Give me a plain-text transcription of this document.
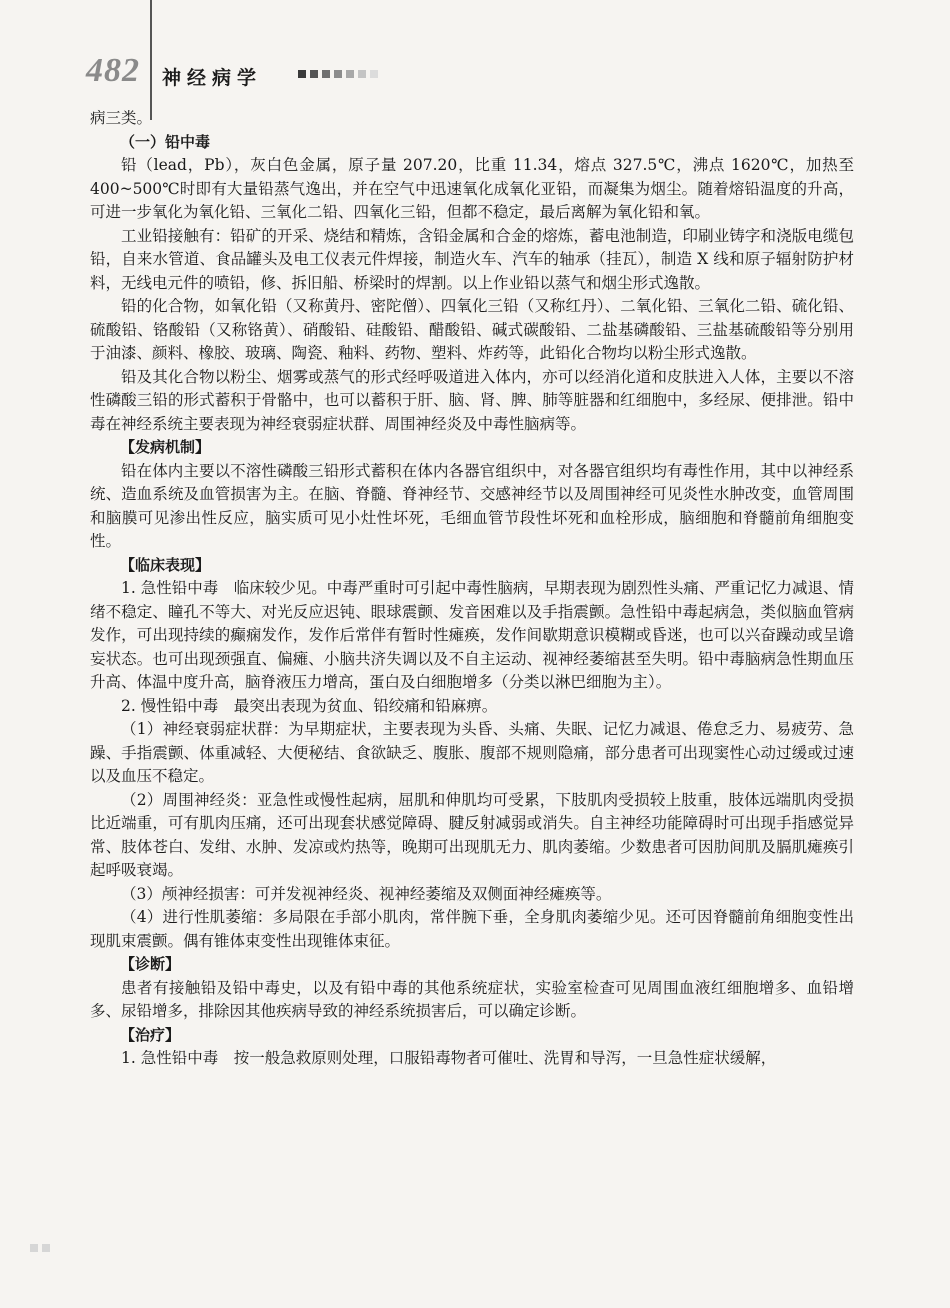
482 神经病学

病三类。

（一）铅中毒

铅（lead，Pb），灰白色金属，原子量 207.20，比重 11.34，熔点 327.5℃，沸点 1620℃，加热至400~500℃时即有大量铅蒸气逸出，并在空气中迅速氧化成氧化亚铅，而凝集为烟尘。随着熔铅温度的升高，可进一步氧化为氧化铅、三氧化二铅、四氧化三铅，但都不稳定，最后离解为氧化铅和氧。

工业铅接触有：铅矿的开采、烧结和精炼，含铅金属和合金的熔炼，蓄电池制造，印刷业铸字和浇版电缆包铅，自来水管道、食品罐头及电工仪表元件焊接，制造火车、汽车的轴承（挂瓦），制造 X 线和原子辐射防护材料，无线电元件的喷铅，修、拆旧船、桥梁时的焊割。以上作业铅以蒸气和烟尘形式逸散。

铅的化合物，如氧化铅（又称黄丹、密陀僧）、四氧化三铅（又称红丹）、二氧化铅、三氧化二铅、硫化铅、硫酸铅、铬酸铅（又称铬黄）、硝酸铅、硅酸铅、醋酸铅、碱式碳酸铅、二盐基磷酸铅、三盐基硫酸铅等分别用于油漆、颜料、橡胶、玻璃、陶瓷、釉料、药物、塑料、炸药等，此铅化合物均以粉尘形式逸散。

铅及其化合物以粉尘、烟雾或蒸气的形式经呼吸道进入体内，亦可以经消化道和皮肤进入人体，主要以不溶性磷酸三铅的形式蓄积于骨骼中，也可以蓄积于肝、脑、肾、脾、肺等脏器和红细胞中，多经尿、便排泄。铅中毒在神经系统主要表现为神经衰弱症状群、周围神经炎及中毒性脑病等。

【发病机制】

铅在体内主要以不溶性磷酸三铅形式蓄积在体内各器官组织中，对各器官组织均有毒性作用，其中以神经系统、造血系统及血管损害为主。在脑、脊髓、脊神经节、交感神经节以及周围神经可见炎性水肿改变，血管周围和脑膜可见渗出性反应，脑实质可见小灶性坏死，毛细血管节段性坏死和血栓形成，脑细胞和脊髓前角细胞变性。

【临床表现】

1. 急性铅中毒　临床较少见。中毒严重时可引起中毒性脑病，早期表现为剧烈性头痛、严重记忆力减退、情绪不稳定、瞳孔不等大、对光反应迟钝、眼球震颤、发音困难以及手指震颤。急性铅中毒起病急，类似脑血管病发作，可出现持续的癫痫发作，发作后常伴有暂时性瘫痪，发作间歇期意识模糊或昏迷，也可以兴奋躁动或呈谵妄状态。也可出现颈强直、偏瘫、小脑共济失调以及不自主运动、视神经萎缩甚至失明。铅中毒脑病急性期血压升高、体温中度升高，脑脊液压力增高，蛋白及白细胞增多（分类以淋巴细胞为主）。

2. 慢性铅中毒　最突出表现为贫血、铅绞痛和铅麻痹。

（1）神经衰弱症状群：为早期症状，主要表现为头昏、头痛、失眠、记忆力减退、倦怠乏力、易疲劳、急躁、手指震颤、体重减轻、大便秘结、食欲缺乏、腹胀、腹部不规则隐痛，部分患者可出现窦性心动过缓或过速以及血压不稳定。

（2）周围神经炎：亚急性或慢性起病，屈肌和伸肌均可受累，下肢肌肉受损较上肢重，肢体远端肌肉受损比近端重，可有肌肉压痛，还可出现套状感觉障碍、腱反射减弱或消失。自主神经功能障碍时可出现手指感觉异常、肢体苍白、发绀、水肿、发凉或灼热等，晚期可出现肌无力、肌肉萎缩。少数患者可因肋间肌及膈肌瘫痪引起呼吸衰竭。

（3）颅神经损害：可并发视神经炎、视神经萎缩及双侧面神经瘫痪等。

（4）进行性肌萎缩：多局限在手部小肌肉，常伴腕下垂，全身肌肉萎缩少见。还可因脊髓前角细胞变性出现肌束震颤。偶有锥体束变性出现锥体束征。

【诊断】

患者有接触铅及铅中毒史，以及有铅中毒的其他系统症状，实验室检查可见周围血液红细胞增多、血铅增多、尿铅增多，排除因其他疾病导致的神经系统损害后，可以确定诊断。

【治疗】

1. 急性铅中毒　按一般急救原则处理，口服铅毒物者可催吐、洗胃和导泻，一旦急性症状缓解，
